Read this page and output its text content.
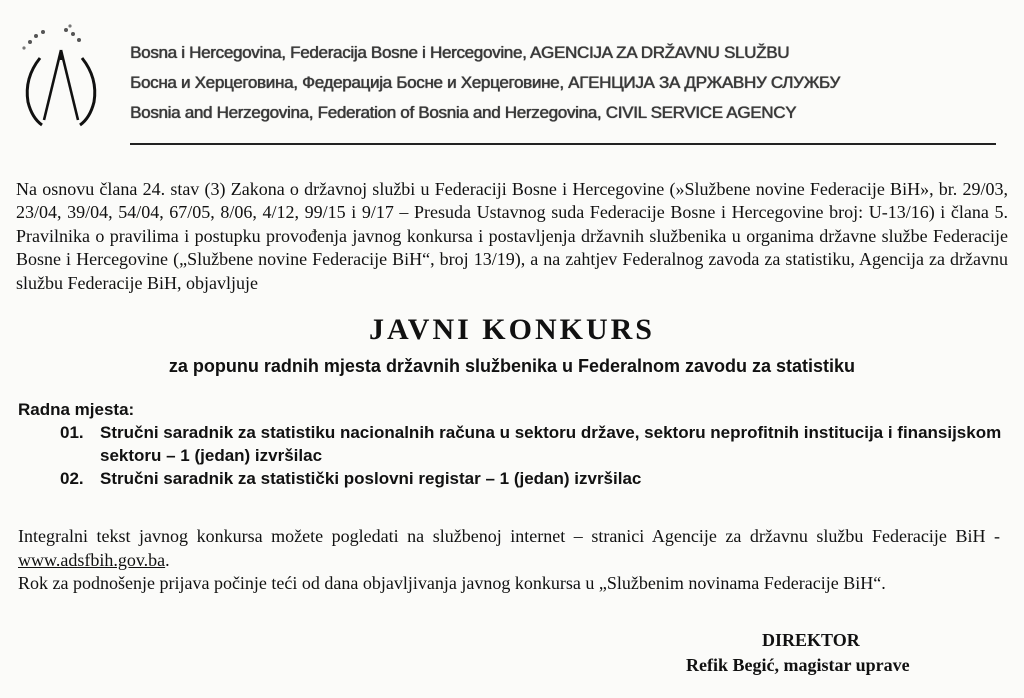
Bosna i Hercegovina, Federacija Bosne i Hercegovine, AGENCIJA ZA DRŽAVNU SLUŽBU
Босна и Херцеговина, Федерација Босне и Херцеговине, АГЕНЦИЈА ЗА ДРЖАВНУ СЛУЖБУ
Bosnia and Herzegovina, Federation of Bosnia and Herzegovina, CIVIL SERVICE AGENCY
Na osnovu člana 24. stav (3) Zakona o državnoj službi u Federaciji Bosne i Hercegovine (»Službene novine Federacije BiH», br. 29/03, 23/04, 39/04, 54/04, 67/05, 8/06, 4/12, 99/15 i 9/17 – Presuda Ustavnog suda Federacije Bosne i Hercegovine broj: U-13/16) i člana 5. Pravilnika o pravilima i postupku provođenja javnog konkursa i postavljenja državnih službenika u organima državne službe Federacije Bosne i Hercegovine („Službene novine Federacije BiH“, broj 13/19), a na zahtjev Federalnog zavoda za statistiku, Agencija za državnu službu Federacije BiH, objavljuje
JAVNI KONKURS
za popunu radnih mjesta državnih službenika u Federalnom zavodu za statistiku
Radna mjesta:
01. Stručni saradnik za statistiku nacionalnih računa u sektoru države, sektoru neprofitnih institucija i finansijskom sektoru – 1 (jedan) izvršilac
02. Stručni saradnik za statistički poslovni registar – 1 (jedan) izvršilac

Integralni tekst javnog konkursa možete pogledati na službenoj internet – stranici Agencije za državnu službu Federacije BiH - www.adsfbih.gov.ba.

Rok za podnošenje prijava počinje teći od dana objavljivanja javnog konkursa u „Službenim novinama Federacije BiH“.

DIREKTOR
Refik Begić, magistar uprave
